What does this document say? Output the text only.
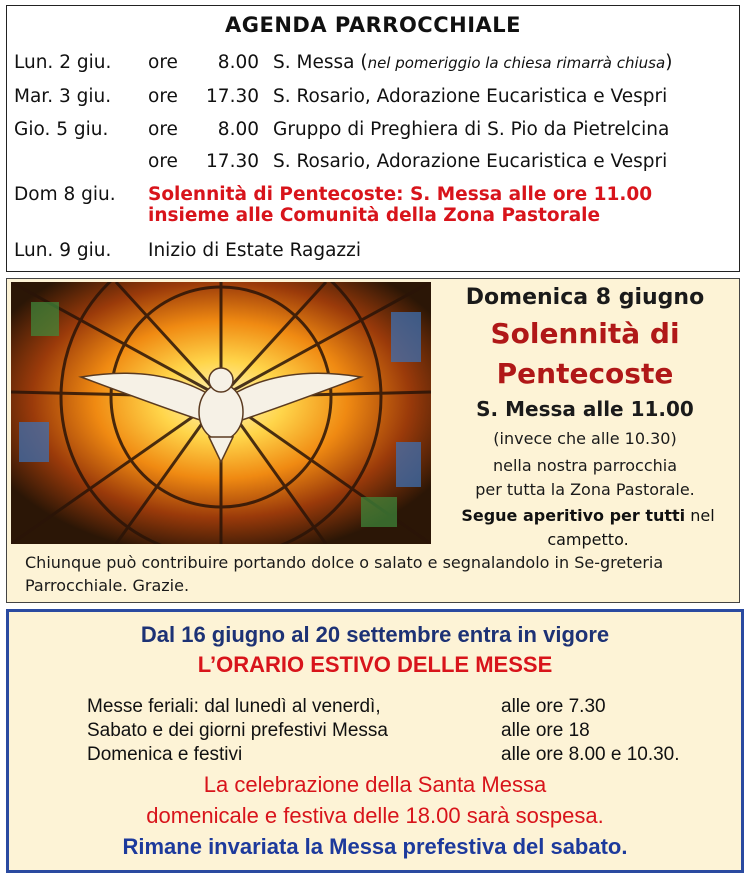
AGENDA PARROCCHIALE
Lun. 2 giu. ore	8.00 S. Messa (nel pomeriggio la chiesa rimarrà chiusa)
Mar. 3 giu. ore	17.30 S. Rosario, Adorazione Eucaristica e Vespri
Gio. 5 giu. ore	8.00 Gruppo di Preghiera di S. Pio da Pietrelcina
ore	17.30 S. Rosario, Adorazione Eucaristica e Vespri
Dom 8 giu. Solennità di Pentecoste: S. Messa alle ore 11.00
insieme alle Comunità della Zona Pastorale
Lun. 9 giu. Inizio di Estate Ragazzi
Domenica 8 giugno
Solennità di
Pentecoste
S. Messa alle 11.00
(invece che alle 10.30)
nella nostra parrocchia
per tutta la Zona Pastorale.
Segue aperitivo per tutti nel campetto.
Chiunque può contribuire portando dolce o salato e segnalandolo in Se-greteria Parrocchiale. Grazie.
Dal 16 giugno al 20 settembre entra in vigore
L’ORARIO ESTIVO DELLE MESSE
Messe feriali: dal lunedì al venerdì,	alle ore 7.30
Sabato e dei giorni prefestivi Messa	alle ore 18
Domenica e festivi	alle ore 8.00 e 10.30.
La celebrazione della Santa Messa
domenicale e festiva delle 18.00 sarà sospesa.
Rimane invariata la Messa prefestiva del sabato.
